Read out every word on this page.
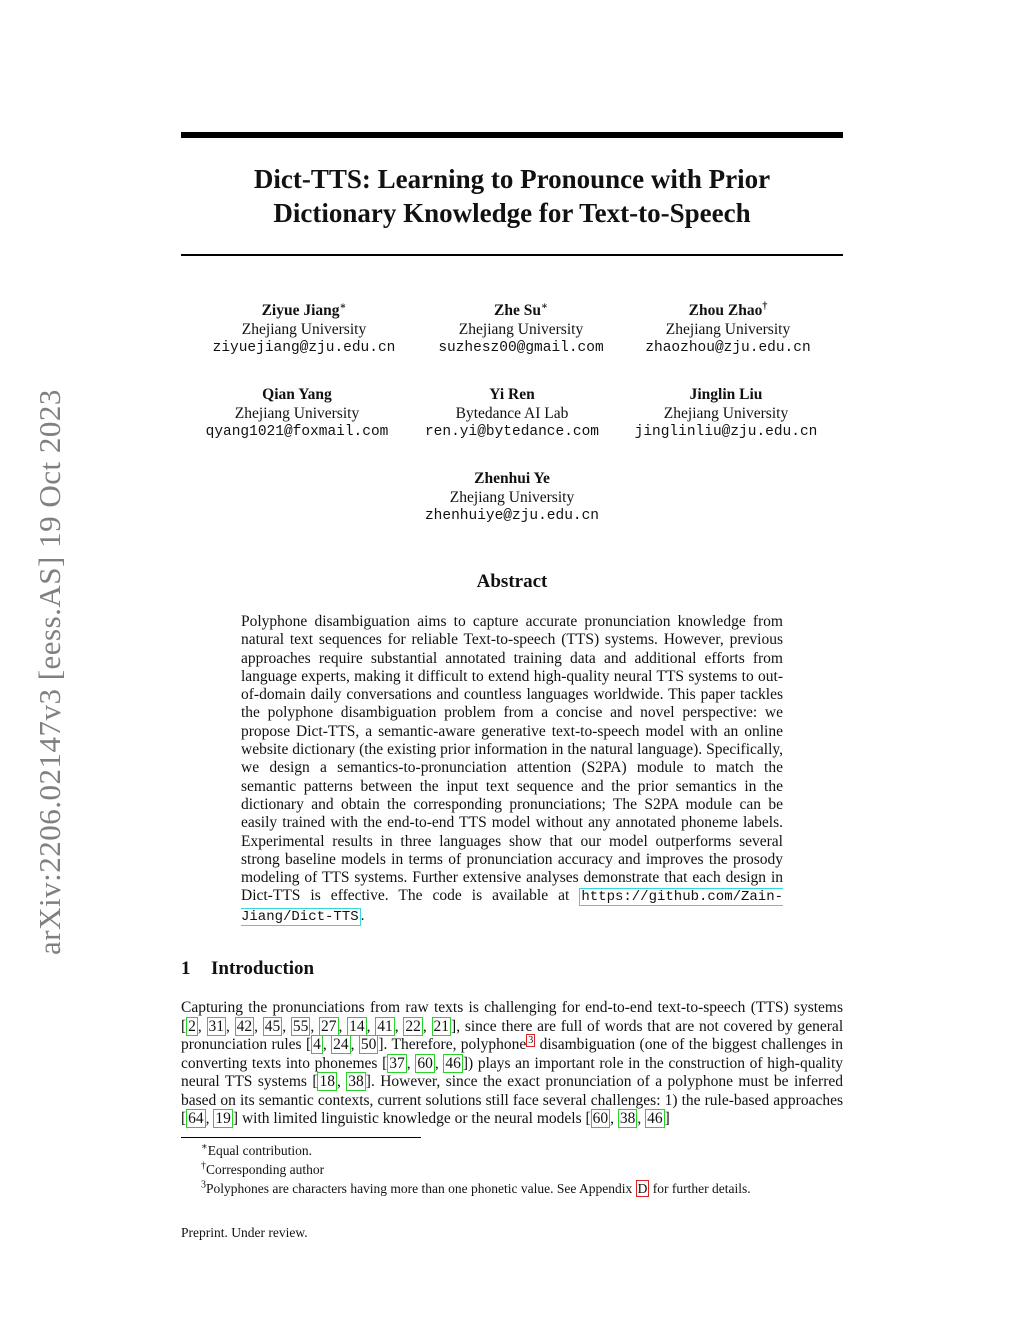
arXiv:2206.02147v3 [eess.AS] 19 Oct 2023
Dict-TTS: Learning to Pronounce with Prior
Dictionary Knowledge for Text-to-Speech
Ziyue Jiang∗
Zhejiang University
ziyuejiang@zju.edu.cn
Zhe Su∗
Zhejiang University
suzhesz00@gmail.com
Zhou Zhao†
Zhejiang University
zhaozhou@zju.edu.cn
Qian Yang
Zhejiang University
qyang1021@foxmail.com
Yi Ren
Bytedance AI Lab
ren.yi@bytedance.com
Jinglin Liu
Zhejiang University
jinglinliu@zju.edu.cn
Zhenhui Ye
Zhejiang University
zhenhuiye@zju.edu.cn
Abstract
Polyphone disambiguation aims to capture accurate pronunciation knowledge from natural text sequences for reliable Text-to-speech (TTS) systems. However, previous approaches require substantial annotated training data and additional efforts from language experts, making it difficult to extend high-quality neural TTS systems to out-of-domain daily conversations and countless languages worldwide. This paper tackles the polyphone disambiguation problem from a concise and novel perspective: we propose Dict-TTS, a semantic-aware generative text-to-speech model with an online website dictionary (the existing prior information in the natural language). Specifically, we design a semantics-to-pronunciation attention (S2PA) module to match the semantic patterns between the input text sequence and the prior semantics in the dictionary and obtain the corresponding pronunciations; The S2PA module can be easily trained with the end-to-end TTS model without any annotated phoneme labels. Experimental results in three languages show that our model outperforms several strong baseline models in terms of pronunciation accuracy and improves the prosody modeling of TTS systems. Further extensive analyses demonstrate that each design in Dict-TTS is effective. The code is available at https://github.com/Zain-Jiang/Dict-TTS .
1 Introduction
Capturing the pronunciations from raw texts is challenging for end-to-end text-to-speech (TTS) systems [ 2 , 31 , 42 , 45 , 55 , 27 , 14 , 41 , 22 , 21 ], since there are full of words that are not covered by general pronunciation rules [ 4 , 24 , 50 ]. Therefore, polyphone $^3$ disambiguation (one of the biggest challenges in converting texts into phonemes [ 37 , 60 , 46 ]) plays an important role in the construction of high-quality neural TTS systems [ 18 , 38 ]. However, since the exact pronunciation of a polyphone must be inferred based on its semantic contexts, current solutions still face several challenges: 1) the rule-based approaches [ 64 , 19 ] with limited linguistic knowledge or the neural models [ 60 , 38 , 46 ]
∗Equal contribution.
†Corresponding author
$^3$Polyphones are characters having more than one phonetic value. See Appendix D for further details.
Preprint. Under review.
